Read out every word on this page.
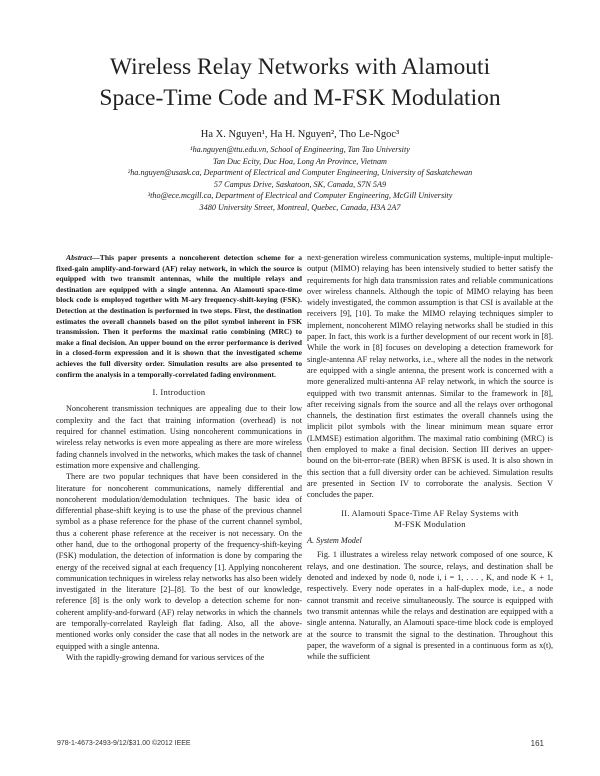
Wireless Relay Networks with Alamouti
Space-Time Code and M-FSK Modulation
Ha X. Nguyen¹, Ha H. Nguyen², Tho Le-Ngoc³
¹ha.nguyen@ttu.edu.vn, School of Engineering, Tan Tao University
Tan Duc Ecity, Duc Hoa, Long An Province, Vietnam
²ha.nguyen@usask.ca, Department of Electrical and Computer Engineering, University of Saskatchewan
57 Campus Drive, Saskatoon, SK, Canada, S7N 5A9
³tho@ece.mcgill.ca, Department of Electrical and Computer Engineering, McGill University
3480 University Street, Montreal, Quebec, Canada, H3A 2A7

Abstract—This paper presents a noncoherent detection scheme for a fixed-gain amplify-and-forward (AF) relay network, in which the source is equipped with two transmit antennas, while the multiple relays and destination are equipped with a single antenna. An Alamouti space-time block code is employed together with M-ary frequency-shift-keying (FSK). Detection at the destination is performed in two steps. First, the destination estimates the overall channels based on the pilot symbol inherent in FSK transmission. Then it performs the maximal ratio combining (MRC) to make a final decision. An upper bound on the error performance is derived in a closed-form expression and it is shown that the investigated scheme achieves the full diversity order. Simulation results are also presented to confirm the analysis in a temporally-correlated fading environment.

I. Introduction

Noncoherent transmission techniques are appealing due to their low complexity and the fact that training information (overhead) is not required for channel estimation. Using noncoherent communications in wireless relay networks is even more appealing as there are more wireless fading channels involved in the networks, which makes the task of channel estimation more expensive and challenging.

There are two popular techniques that have been considered in the literature for noncoherent communications, namely differential and noncoherent modulation/demodulation techniques. The basic idea of differential phase-shift keying is to use the phase of the previous channel symbol as a phase reference for the phase of the current channel symbol, thus a coherent phase reference at the receiver is not necessary. On the other hand, due to the orthogonal property of the frequency-shift-keying (FSK) modulation, the detection of information is done by comparing the energy of the received signal at each frequency [1]. Applying noncoherent communication techniques in wireless relay networks has also been widely investigated in the literature [2]–[8]. To the best of our knowledge, reference [8] is the only work to develop a detection scheme for non-coherent amplify-and-forward (AF) relay networks in which the channels are temporally-correlated Rayleigh flat fading. Also, all the above-mentioned works only consider the case that all nodes in the network are equipped with a single antenna.

With the rapidly-growing demand for various services of the

next-generation wireless communication systems, multiple-input multiple-output (MIMO) relaying has been intensively studied to better satisfy the requirements for high data transmission rates and reliable communications over wireless channels. Although the topic of MIMO relaying has been widely investigated, the common assumption is that CSI is available at the receivers [9], [10]. To make the MIMO relaying techniques simpler to implement, noncoherent MIMO relaying networks shall be studied in this paper. In fact, this work is a further development of our recent work in [8]. While the work in [8] focuses on developing a detection framework for single-antenna AF relay networks, i.e., where all the nodes in the network are equipped with a single antenna, the present work is concerned with a more generalized multi-antenna AF relay network, in which the source is equipped with two transmit antennas. Similar to the framework in [8], after receiving signals from the source and all the relays over orthogonal channels, the destination first estimates the overall channels using the implicit pilot symbols with the linear minimum mean square error (LMMSE) estimation algorithm. The maximal ratio combining (MRC) is then employed to make a final decision. Section III derives an upper-bound on the bit-error-rate (BER) when BFSK is used. It is also shown in this section that a full diversity order can be achieved. Simulation results are presented in Section IV to corroborate the analysis. Section V concludes the paper.

II. Alamouti Space-Time AF Relay Systems with
M-FSK Modulation
A. System Model

Fig. 1 illustrates a wireless relay network composed of one source, K relays, and one destination. The source, relays, and destination shall be denoted and indexed by node 0, node i, i = 1, . . . , K, and node K + 1, respectively. Every node operates in a half-duplex mode, i.e., a node cannot transmit and receive simultaneously. The source is equipped with two transmit antennas while the relays and destination are equipped with a single antenna. Naturally, an Alamouti space-time block code is employed at the source to transmit the signal to the destination. Throughout this paper, the waveform of a signal is presented in a continuous form as x(t), while the sufficient

978-1-4673-2493-9/12/$31.00 ©2012 IEEE	161
